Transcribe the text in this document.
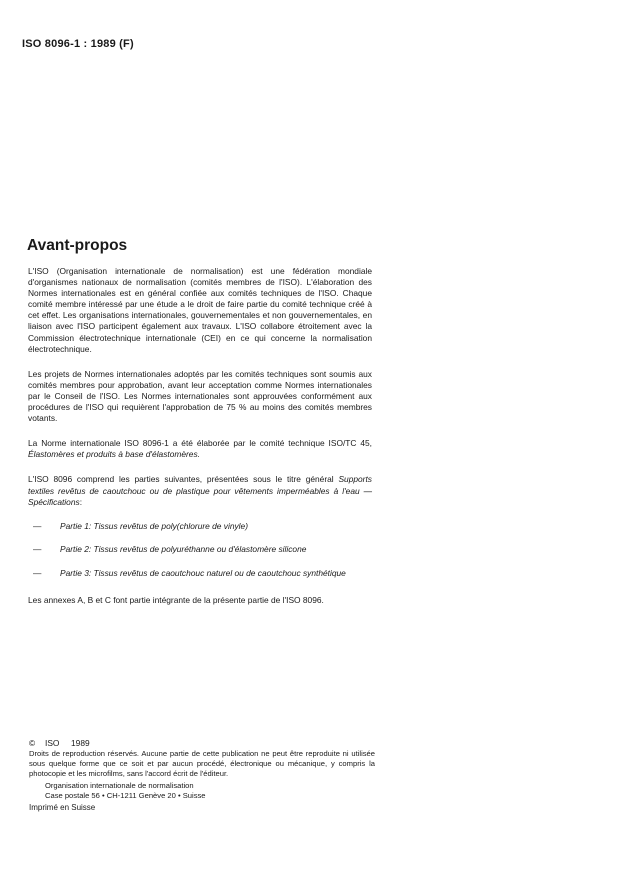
ISO 8096-1 : 1989 (F)
Avant-propos

L'ISO (Organisation internationale de normalisation) est une fédération mondiale d'organismes nationaux de normalisation (comités membres de l'ISO). L'élaboration des Normes internationales est en général confiée aux comités techniques de l'ISO. Chaque comité membre intéressé par une étude a le droit de faire partie du comité technique créé à cet effet. Les organisations internationales, gouvernementales et non gouvernementales, en liaison avec l'ISO participent également aux travaux. L'ISO collabore étroitement avec la Commission électrotechnique internationale (CEI) en ce qui concerne la normalisation électrotechnique.

Les projets de Normes internationales adoptés par les comités techniques sont soumis aux comités membres pour approbation, avant leur acceptation comme Normes internationales par le Conseil de l'ISO. Les Normes internationales sont approuvées conformément aux procédures de l'ISO qui requièrent l'approbation de 75 % au moins des comités membres votants.

La Norme internationale ISO 8096-1 a été élaborée par le comité technique ISO/TC 45, Élastomères et produits à base d'élastomères.

L'ISO 8096 comprend les parties suivantes, présentées sous le titre général Supports textiles revêtus de caoutchouc ou de plastique pour vêtements imperméables à l'eau — Spécifications:

— Partie 1: Tissus revêtus de poly(chlorure de vinyle)
— Partie 2: Tissus revêtus de polyuréthanne ou d'élastomère silicone
— Partie 3: Tissus revêtus de caoutchouc naturel ou de caoutchouc synthétique

Les annexes A, B et C font partie intégrante de la présente partie de l'ISO 8096.

© ISO 1989
Droits de reproduction réservés. Aucune partie de cette publication ne peut être reproduite ni utilisée sous quelque forme que ce soit et par aucun procédé, électronique ou mécanique, y compris la photocopie et les microfilms, sans l'accord écrit de l'éditeur.
Organisation internationale de normalisation
Case postale 56 • CH-1211 Genève 20 • Suisse
Imprimé en Suisse
